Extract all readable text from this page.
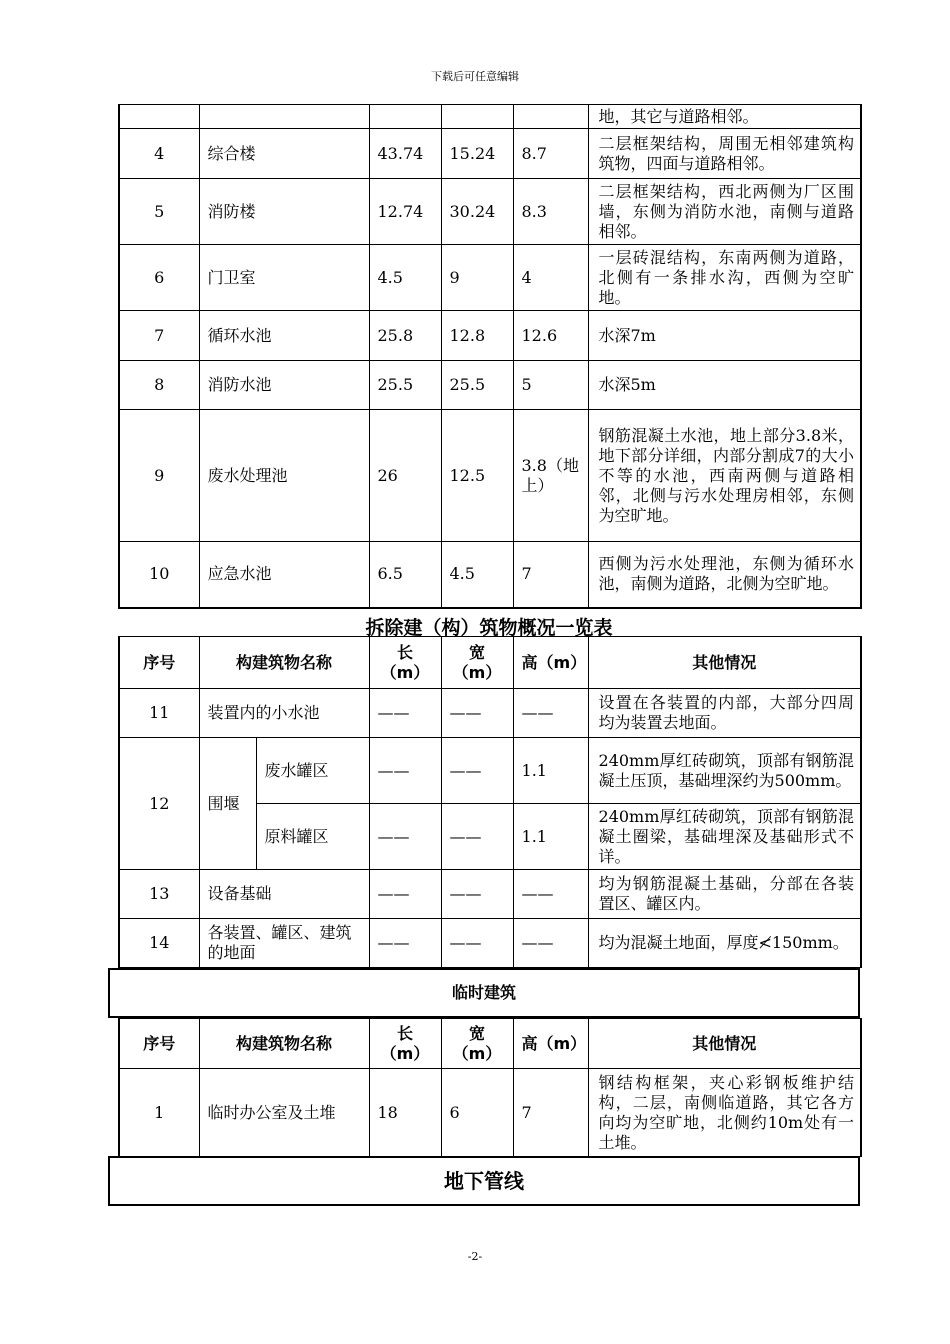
下载后可任意编辑
					地，其它与道路相邻。
4	综合楼	43.74	15.24	8.7	二层框架结构，周围无相邻建筑构筑物，四面与道路相邻。
5	消防楼	12.74	30.24	8.3	二层框架结构，西北两侧为厂区围墙，东侧为消防水池，南侧与道路相邻。
6	门卫室	4.5	9	4	一层砖混结构，东南两侧为道路，北侧有一条排水沟，西侧为空旷地。
7	循环水池	25.8	12.8	12.6	水深7m
8	消防水池	25.5	25.5	5	水深5m
9	废水处理池	26	12.5	3.8（地上）	钢筋混凝土水池，地上部分3.8米，地下部分详细，内部分割成7的大小不等的水池，西南两侧与道路相邻，北侧与污水处理房相邻，东侧为空旷地。
10	应急水池	6.5	4.5	7	西侧为污水处理池，东侧为循环水池，南侧为道路，北侧为空旷地。
拆除建（构）筑物概况一览表
序号	构建筑物名称		长（m）	宽（m）	高（m）	其他情况
11	装置内的小水池		——	——	——	设置在各装置的内部，大部分四周均为装置去地面。
12	围堰	废水罐区	——	——	1.1	240mm厚红砖砌筑，顶部有钢筋混凝土压顶，基础埋深约为500mm。
		原料罐区	——	——	1.1	240mm厚红砖砌筑，顶部有钢筋混凝土圈梁，基础埋深及基础形式不详。
13	设备基础		——	——	——	均为钢筋混凝土基础，分部在各装置区、罐区内。
14	各装置、罐区、建筑的地面		——	——	——	均为混凝土地面，厚度≮150mm。
临时建筑
序号	构建筑物名称	长（m）	宽（m）	高（m）	其他情况
1	临时办公室及土堆	18	6	7	钢结构框架，夹心彩钢板维护结构，二层，南侧临道路，其它各方向均为空旷地，北侧约10m处有一土堆。
地下管线
-2-
